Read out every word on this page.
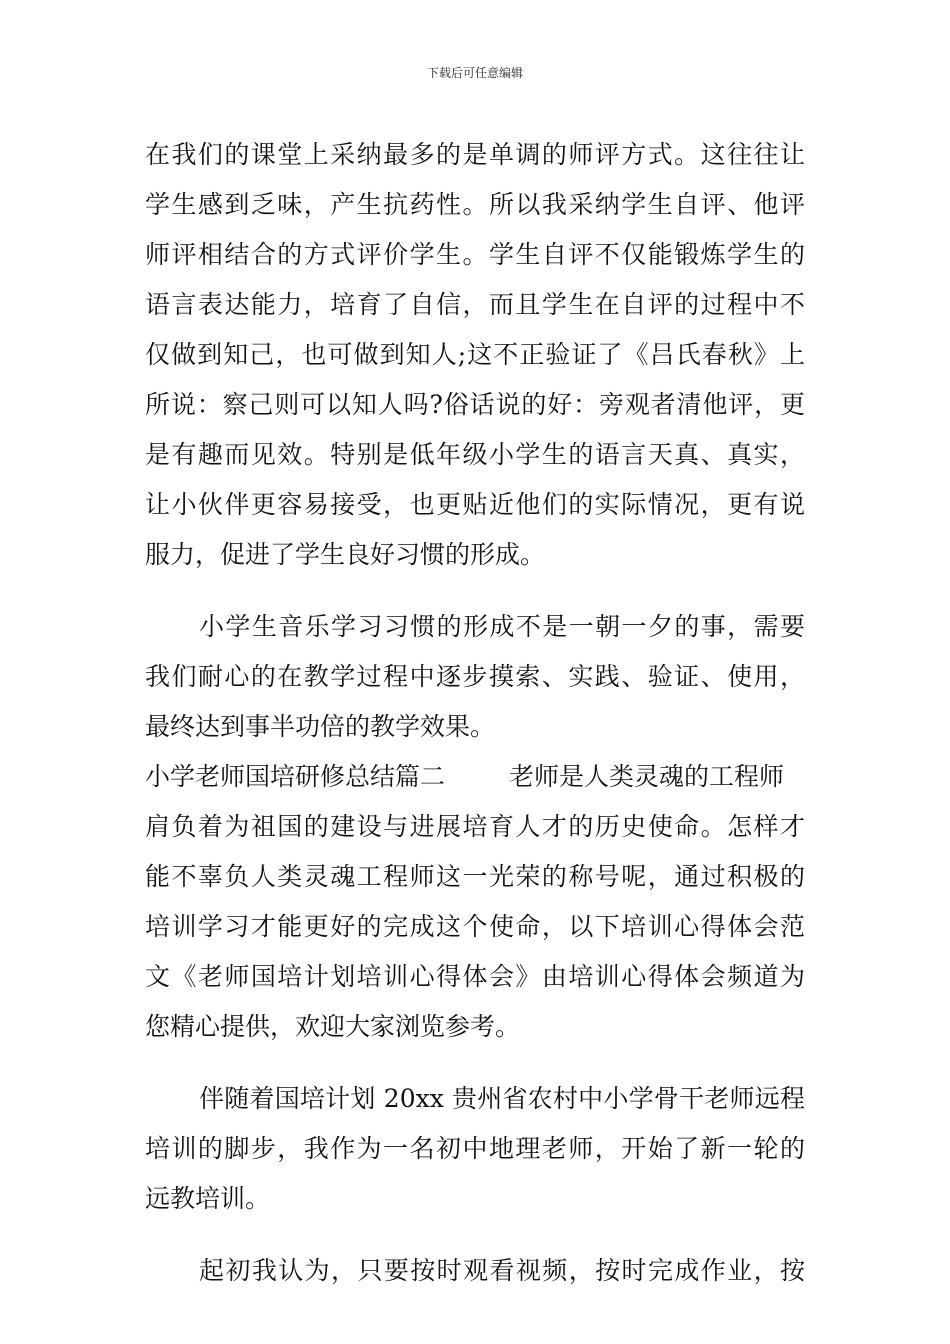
下载后可任意编辑
在我们的课堂上采纳最多的是单调的师评方式。这往往让
学生感到乏味，产生抗药性。所以我采纳学生自评、他评
师评相结合的方式评价学生。学生自评不仅能锻炼学生的
语言表达能力，培育了自信，而且学生在自评的过程中不
仅做到知己，也可做到知人;这不正验证了《吕氏春秋》上
所说：察己则可以知人吗?俗话说的好：旁观者清他评，更
是有趣而见效。特别是低年级小学生的语言天真、真实，
让小伙伴更容易接受，也更贴近他们的实际情况，更有说
服力，促进了学生良好习惯的形成。
小学生音乐学习习惯的形成不是一朝一夕的事，需要
我们耐心的在教学过程中逐步摸索、实践、验证、使用，
最终达到事半功倍的教学效果。
小学老师国培研修总结篇二	老师是人类灵魂的工程师
肩负着为祖国的建设与进展培育人才的历史使命。怎样才
能不辜负人类灵魂工程师这一光荣的称号呢，通过积极的
培训学习才能更好的完成这个使命，以下培训心得体会范
文《老师国培计划培训心得体会》由培训心得体会频道为
您精心提供，欢迎大家浏览参考。
伴随着国培计划 20xx 贵州省农村中小学骨干老师远程
培训的脚步，我作为一名初中地理老师，开始了新一轮的
远教培训。
起初我认为，只要按时观看视频，按时完成作业，按
